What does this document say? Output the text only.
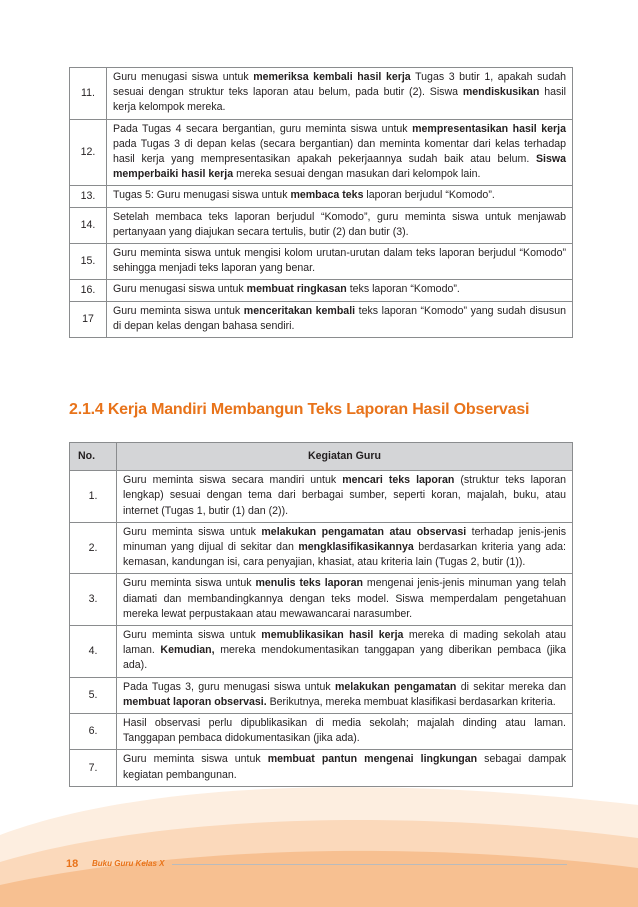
11.	Guru menugasi siswa untuk memeriksa kembali hasil kerja Tugas 3 butir 1, apakah sudah sesuai dengan struktur teks laporan atau belum, pada butir (2). Siswa mendiskusikan hasil kerja kelompok mereka.
12.	Pada Tugas 4 secara bergantian, guru meminta siswa untuk mempresentasikan hasil kerja pada Tugas 3 di depan kelas (secara bergantian) dan meminta komentar dari kelas terhadap hasil kerja yang mempresentasikan apakah pekerjaannya sudah baik atau belum. Siswa memperbaiki hasil kerja mereka sesuai dengan masukan dari kelompok lain.
13.	Tugas 5: Guru menugasi siswa untuk membaca teks laporan berjudul “Komodo”.
14.	Setelah membaca teks laporan berjudul “Komodo”, guru meminta siswa untuk menjawab pertanyaan yang diajukan secara tertulis, butir (2) dan butir (3).
15.	Guru meminta siswa untuk mengisi kolom urutan-urutan dalam teks laporan berjudul “Komodo” sehingga menjadi teks laporan yang benar.
16.	Guru menugasi siswa untuk membuat ringkasan teks laporan “Komodo”.
17	Guru meminta siswa untuk menceritakan kembali teks laporan “Komodo” yang sudah disusun di depan kelas dengan bahasa sendiri.
2.1.4 Kerja Mandiri Membangun Teks Laporan Hasil Observasi
No.	Kegiatan Guru
1.	Guru meminta siswa secara mandiri untuk mencari teks laporan (struktur teks laporan lengkap) sesuai dengan tema dari berbagai sumber, seperti koran, majalah, buku, atau internet (Tugas 1, butir (1) dan (2)).
2.	Guru meminta siswa untuk melakukan pengamatan atau observasi terhadap jenis-jenis minuman yang dijual di sekitar dan mengklasifikasikannya berdasarkan kriteria yang ada: kemasan, kandungan isi, cara penyajian, khasiat, atau kriteria lain (Tugas 2, butir (1)).
3.	Guru meminta siswa untuk menulis teks laporan mengenai jenis-jenis minuman yang telah diamati dan membandingkannya dengan teks model. Siswa memperdalam pengetahuan mereka lewat perpustakaan atau mewawancarai narasumber.
4.	Guru meminta siswa untuk memublikasikan hasil kerja mereka di mading sekolah atau laman. Kemudian, mereka mendokumentasikan tanggapan yang diberikan pembaca (jika ada).
5.	Pada Tugas 3, guru menugasi siswa untuk melakukan pengamatan di sekitar mereka dan membuat laporan observasi. Berikutnya, mereka membuat klasifikasi berdasarkan kriteria.
6.	Hasil observasi perlu dipublikasikan di media sekolah; majalah dinding atau laman. Tanggapan pembaca didokumentasikan (jika ada).
7.	Guru meminta siswa untuk membuat pantun mengenai lingkungan sebagai dampak kegiatan pembangunan.
18 Buku Guru Kelas X
